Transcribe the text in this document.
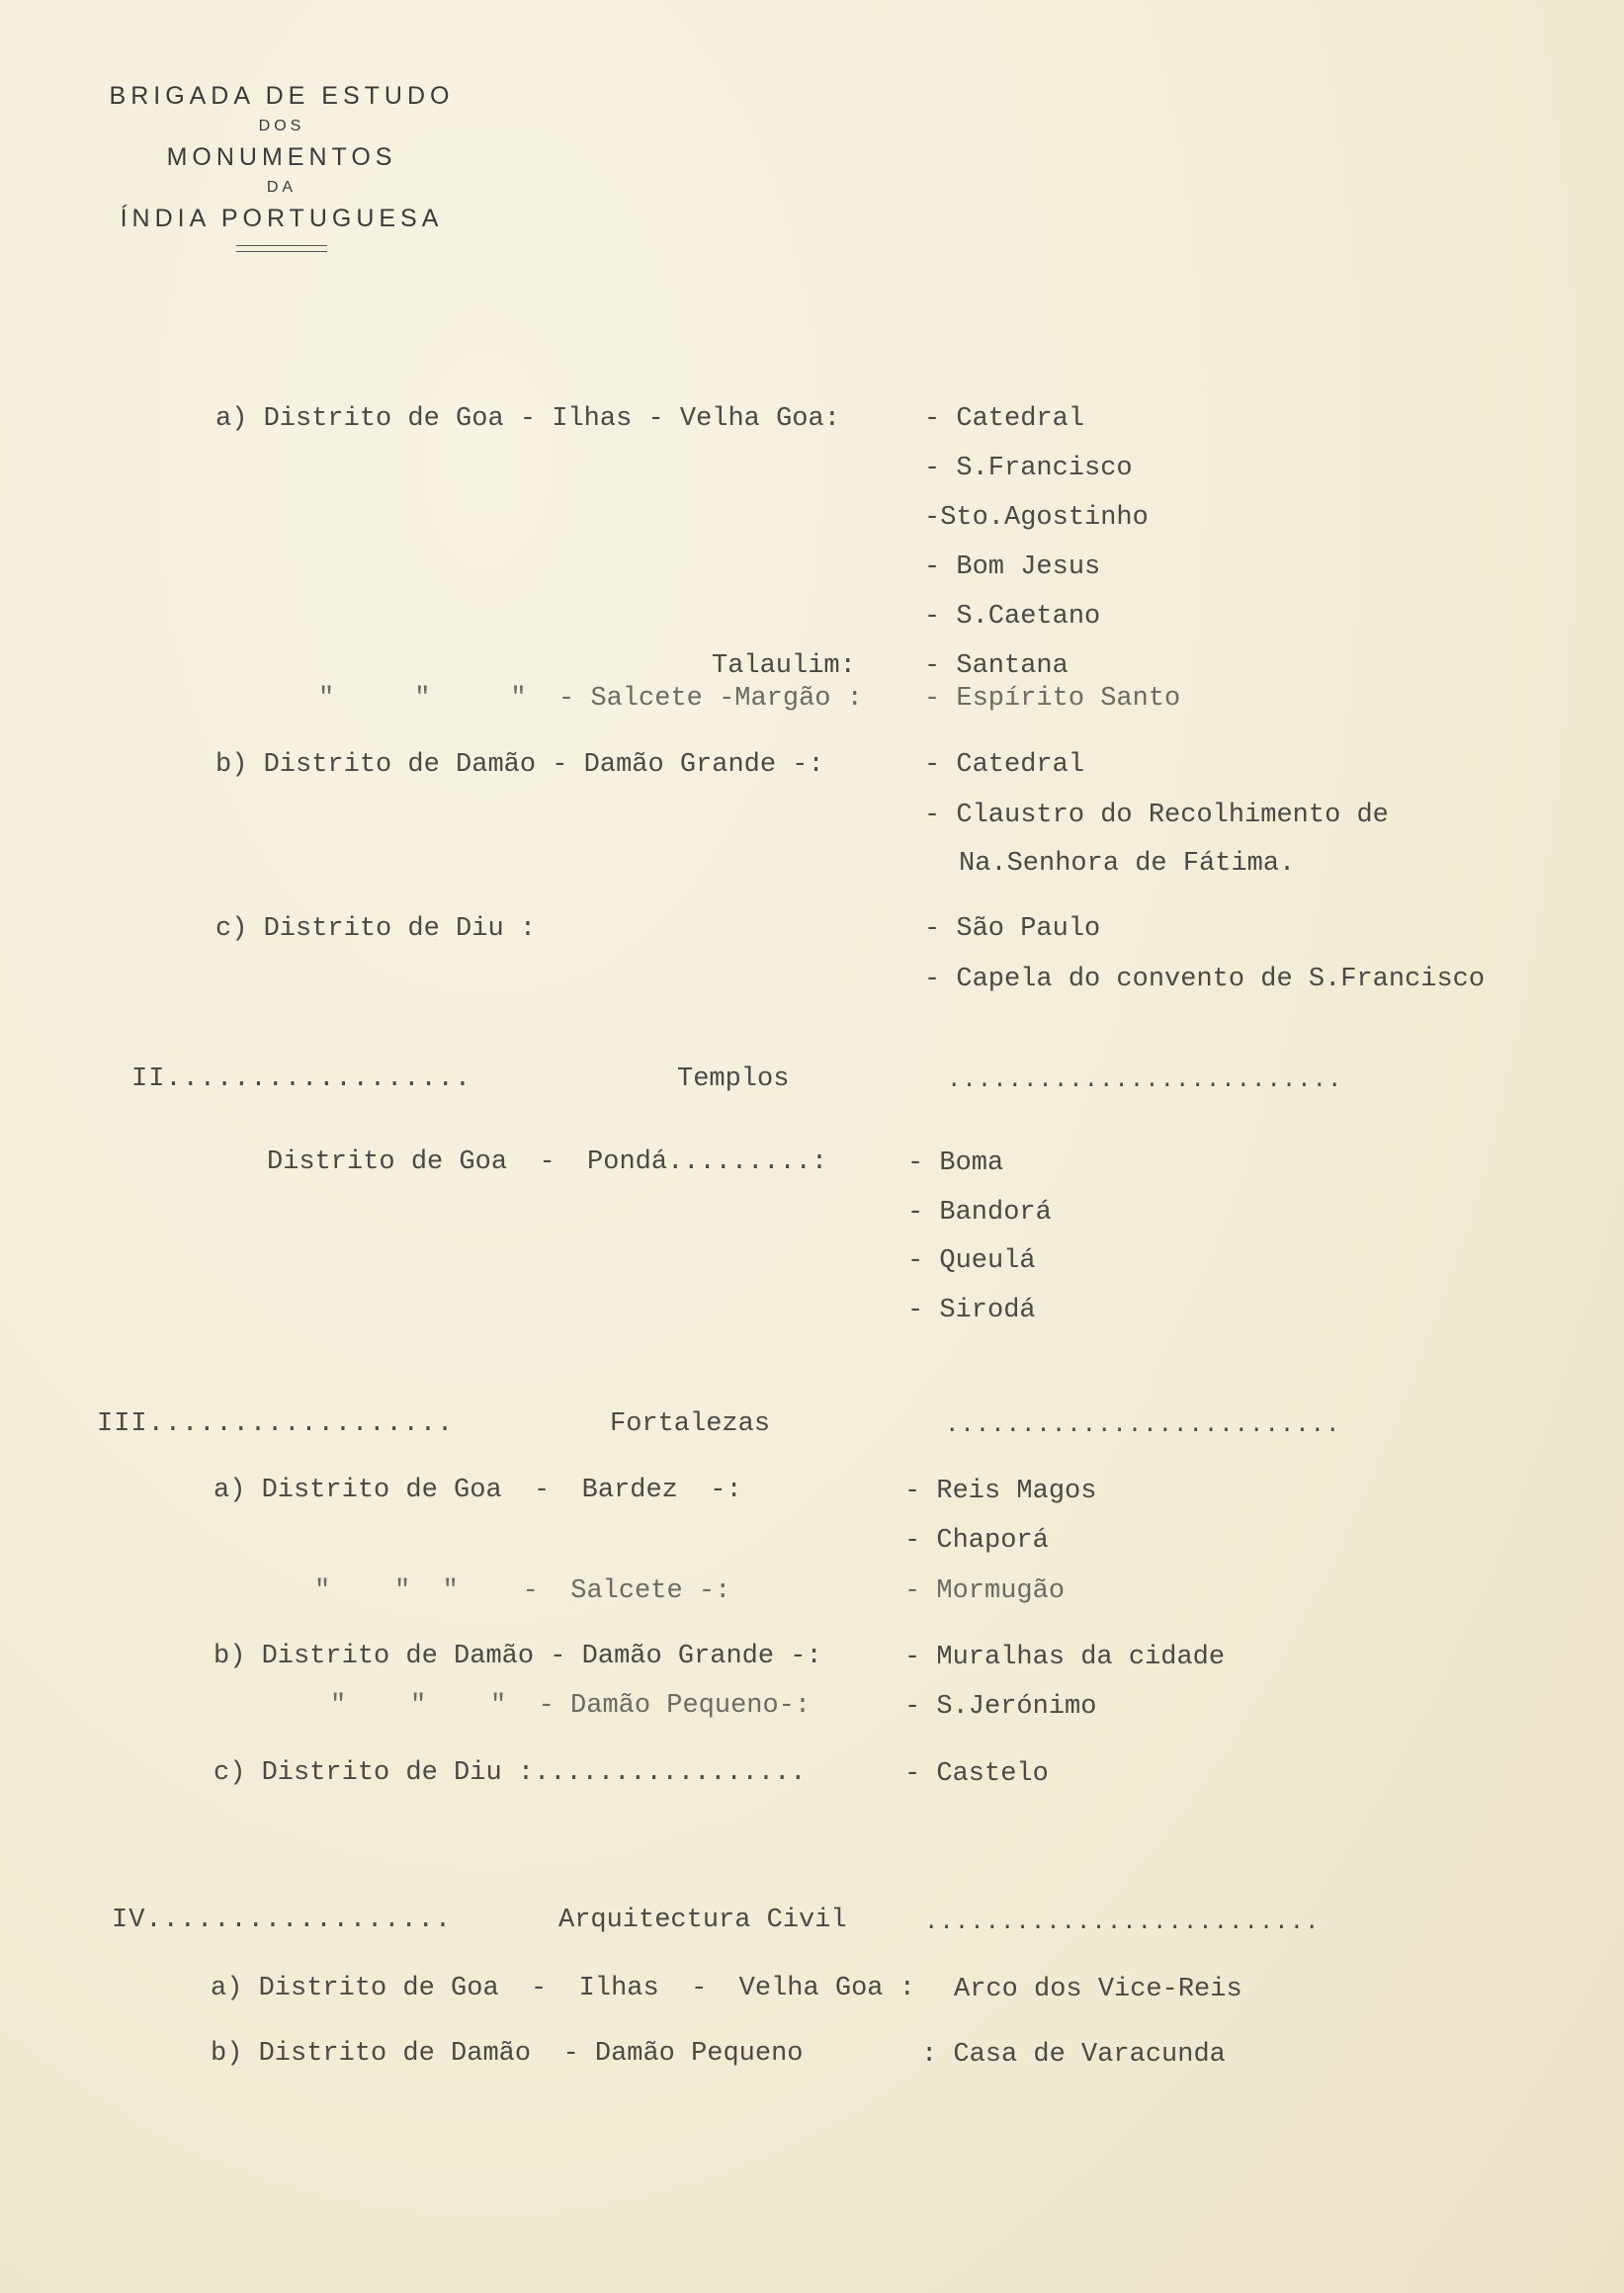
BRIGADA DE ESTUDO
DOS
MONUMENTOS
DA
ÍNDIA PORTUGUESA
a) Distrito de Goa - Ilhas - Velha Goa:	- Catedral
- S.Francisco
-Sto.Agostinho
- Bom Jesus
- S.Caetano
Talaulim:	- Santana
"     "     "  - Salcete -Margão : - Espírito Santo
b) Distrito de Damão - Damão Grande -:	- Catedral
- Claustro do Recolhimento de
Na.Senhora de Fátima.
c) Distrito de Diu :	- São Paulo
- Capela do convento de S.Francisco
II..................	Templos	..........................
Distrito de Goa  -  Pondá.........:	- Boma
- Bandorá
- Queulá
- Sirodá
III..................	Fortalezas	..........................
a) Distrito de Goa  -  Bardez  -:	- Reis Magos
- Chaporá
"    "  "    -  Salcete -:	- Mormugão
b) Distrito de Damão - Damão Grande -:	- Muralhas da cidade
"    "    "  - Damão Pequeno-:	- S.Jerónimo
c) Distrito de Diu :.................	- Castelo
IV..................	Arquitectura Civil	..........................
a) Distrito de Goa  -  Ilhas  -  Velha Goa : Arco dos Vice-Reis
b) Distrito de Damão  - Damão Pequeno	: Casa de Varacunda
